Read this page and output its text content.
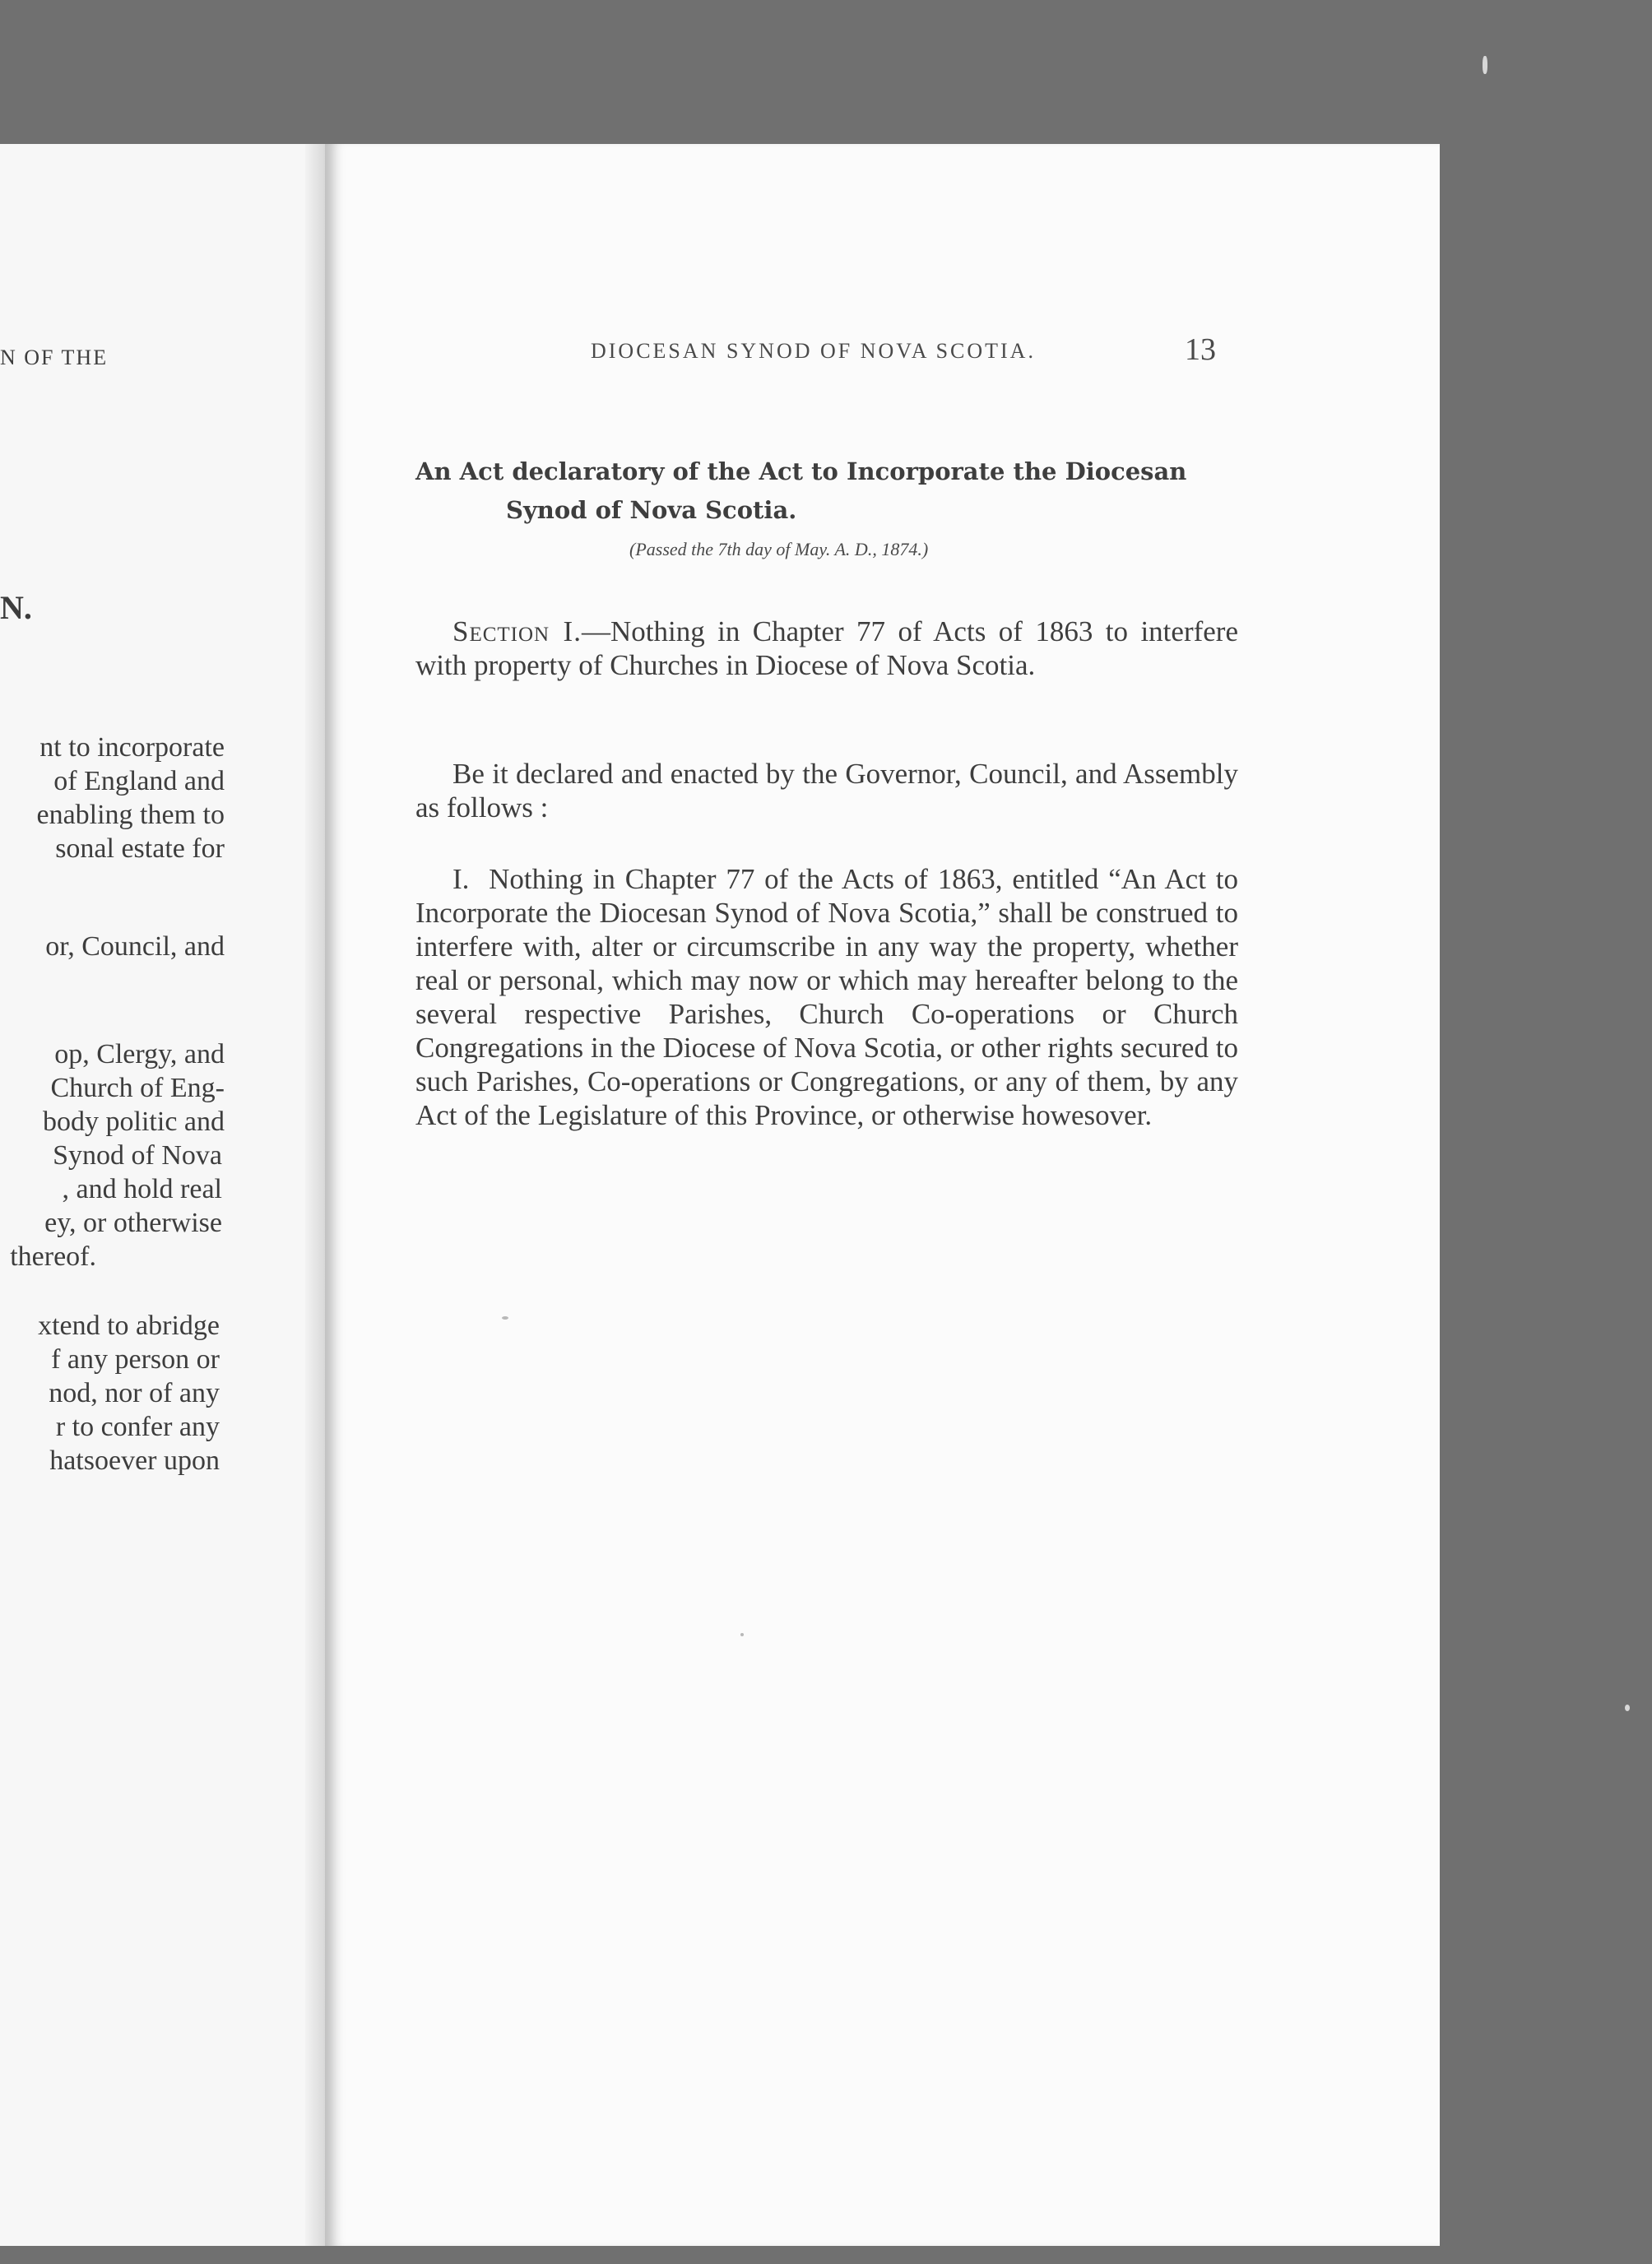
N OF THE
N.
nt to incorporate
of England and
enabling them to
sonal estate for
or, Council, and
op, Clergy, and
Church of Eng-
body politic and
Synod of Nova
, and hold real
ey, or otherwise
thereof.
xtend to abridge
f any person or
nod, nor of any
r to confer any
hatsoever upon
DIOCESAN SYNOD OF NOVA SCOTIA.	13
An Act declaratory of the Act to Incorporate the Diocesan
Synod of Nova Scotia.
(Passed the 7th day of May. A. D., 1874.)
Section I.—Nothing in Chapter 77 of Acts of 1863 to interfere with property of Churches in Diocese of Nova Scotia.
Be it declared and enacted by the Governor, Council, and Assembly as follows :
I. Nothing in Chapter 77 of the Acts of 1863, entitled “An Act to Incorporate the Diocesan Synod of Nova Scotia,” shall be construed to interfere with, alter or circumscribe in any way the property, whether real or personal, which may now or which may hereafter belong to the several respective Parishes, Church Co-operations or Church Congregations in the Diocese of Nova Scotia, or other rights secured to such Parishes, Co-operations or Congregations, or any of them, by any Act of the Legislature of this Province, or otherwise howesover.
